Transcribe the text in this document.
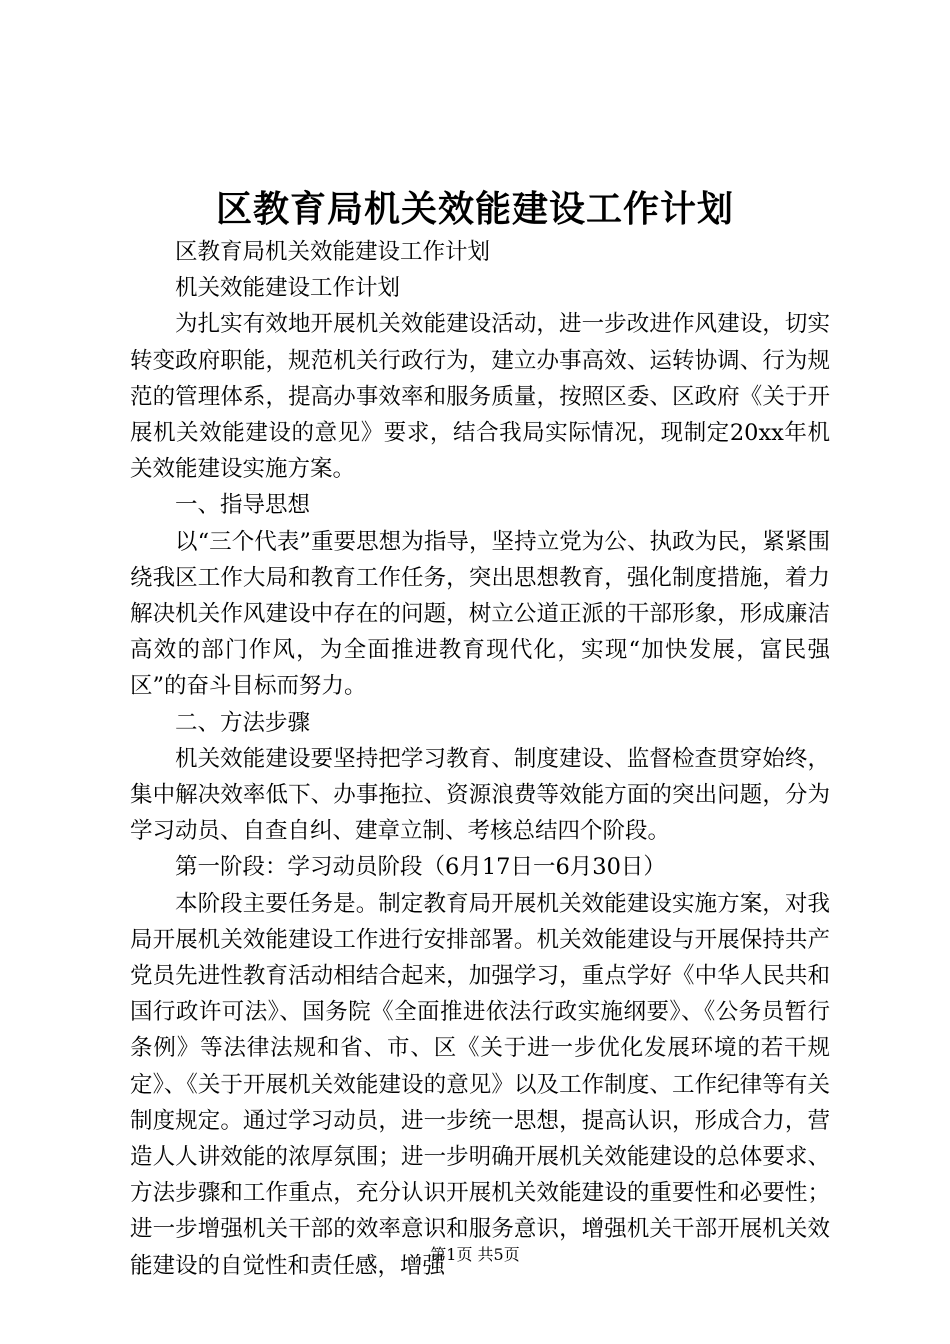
区教育局机关效能建设工作计划

区教育局机关效能建设工作计划

机关效能建设工作计划

为扎实有效地开展机关效能建设活动，进一步改进作风建设，切实转变政府职能，规范机关行政行为，建立办事高效、运转协调、行为规范的管理体系，提高办事效率和服务质量，按照区委、区政府《关于开展机关效能建设的意见》要求，结合我局实际情况，现制定20xx年机关效能建设实施方案。

一、指导思想

以“三个代表”重要思想为指导，坚持立党为公、执政为民，紧紧围绕我区工作大局和教育工作任务，突出思想教育，强化制度措施，着力解决机关作风建设中存在的问题，树立公道正派的干部形象，形成廉洁高效的部门作风，为全面推进教育现代化，实现“加快发展，富民强区”的奋斗目标而努力。

二、方法步骤

机关效能建设要坚持把学习教育、制度建设、监督检查贯穿始终，集中解决效率低下、办事拖拉、资源浪费等效能方面的突出问题，分为学习动员、自查自纠、建章立制、考核总结四个阶段。

第一阶段：学习动员阶段（6月17日一6月30日）

本阶段主要任务是。制定教育局开展机关效能建设实施方案，对我局开展机关效能建设工作进行安排部署。机关效能建设与开展保持共产党员先进性教育活动相结合起来，加强学习，重点学好《中华人民共和国行政许可法》、国务院《全面推进依法行政实施纲要》、《公务员暂行条例》等法律法规和省、市、区《关于进一步优化发展环境的若干规定》、《关于开展机关效能建设的意见》以及工作制度、工作纪律等有关制度规定。通过学习动员，进一步统一思想，提高认识，形成合力，营造人人讲效能的浓厚氛围；进一步明确开展机关效能建设的总体要求、方法步骤和工作重点，充分认识开展机关效能建设的重要性和必要性；进一步增强机关干部的效率意识和服务意识，增强机关干部开展机关效能建设的自觉性和责任感，增强

第1页 共5页
